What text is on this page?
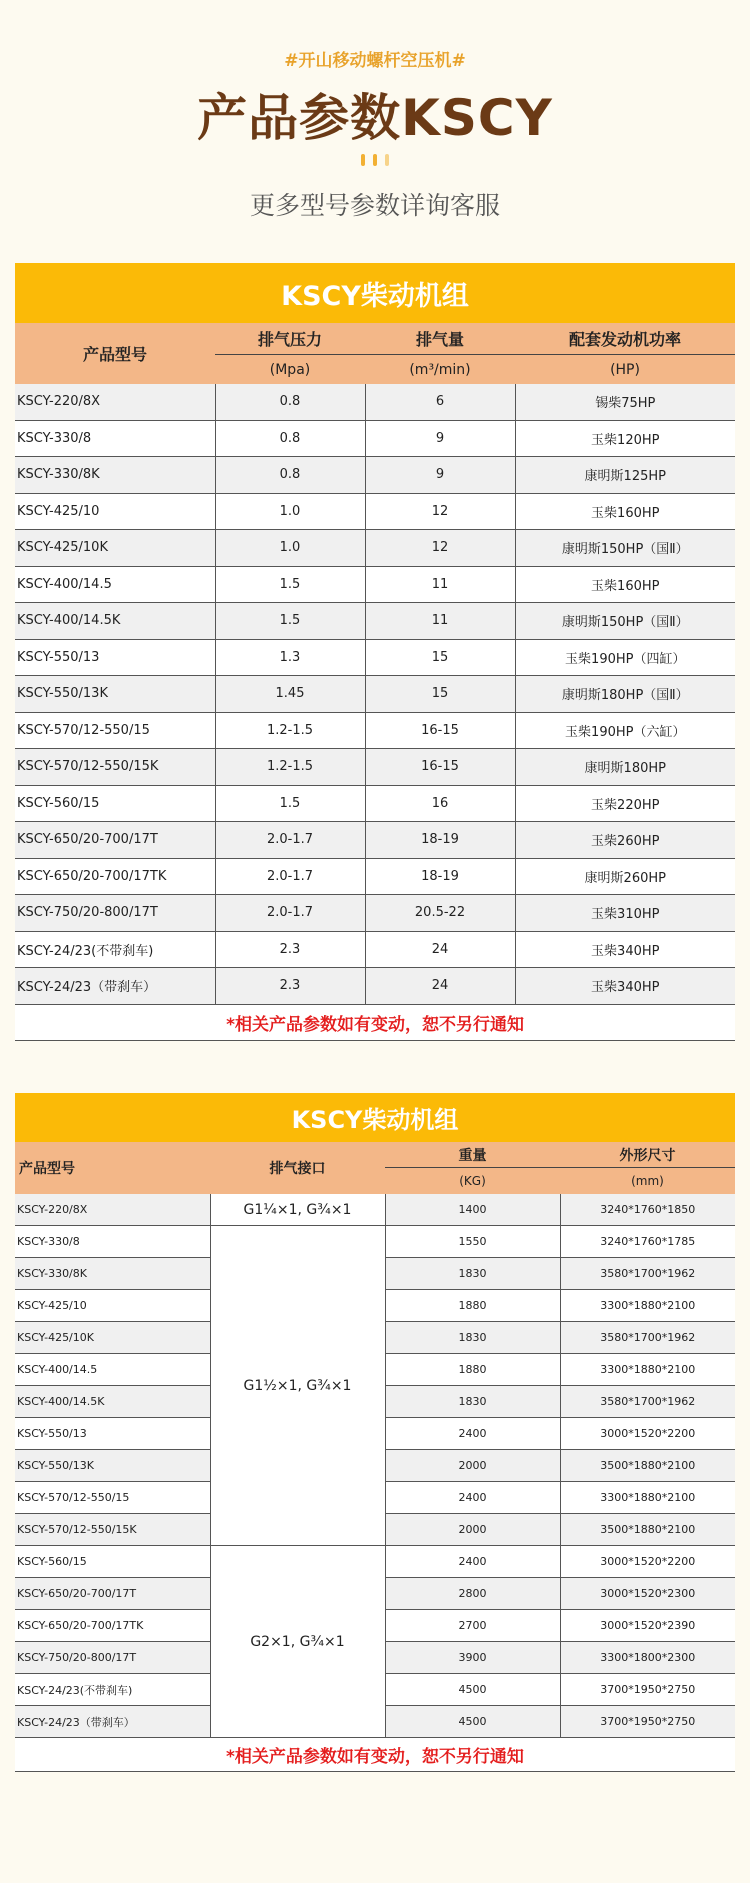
#开山移动螺杆空压机#
产品参数KSCY
更多型号参数详询客服
KSCY柴动机组			
产品型号	排气压力	排气量	配套发动机功率
	(Mpa)	(m³/min)	(HP)
KSCY-220/8X	0.8	6	锡柴75HP
KSCY-330/8	0.8	9	玉柴120HP
KSCY-330/8K	0.8	9	康明斯125HP
KSCY-425/10	1.0	12	玉柴160HP
KSCY-425/10K	1.0	12	康明斯150HP（国Ⅱ）
KSCY-400/14.5	1.5	11	玉柴160HP
KSCY-400/14.5K	1.5	11	康明斯150HP（国Ⅱ）
KSCY-550/13	1.3	15	玉柴190HP（四缸）
KSCY-550/13K	1.45	15	康明斯180HP（国Ⅱ）
KSCY-570/12-550/15	1.2-1.5	16-15	玉柴190HP（六缸）
KSCY-570/12-550/15K	1.2-1.5	16-15	康明斯180HP
KSCY-560/15	1.5	16	玉柴220HP
KSCY-650/20-700/17T	2.0-1.7	18-19	玉柴260HP
KSCY-650/20-700/17TK	2.0-1.7	18-19	康明斯260HP
KSCY-750/20-800/17T	2.0-1.7	20.5-22	玉柴310HP
KSCY-24/23(不带刹车)	2.3	24	玉柴340HP
KSCY-24/23（带刹车）	2.3	24	玉柴340HP
*相关产品参数如有变动，恕不另行通知			
KSCY柴动机组			
产品型号	排气接口	重量	外形尺寸
		(KG)	(mm)
KSCY-220/8X	G1¼×1, G¾×1	1400	3240*1760*1850
KSCY-330/8	G1½×1, G¾×1	1550	3240*1760*1785
KSCY-330/8K		1830	3580*1700*1962
KSCY-425/10		1880	3300*1880*2100
KSCY-425/10K		1830	3580*1700*1962
KSCY-400/14.5		1880	3300*1880*2100
KSCY-400/14.5K		1830	3580*1700*1962
KSCY-550/13		2400	3000*1520*2200
KSCY-550/13K		2000	3500*1880*2100
KSCY-570/12-550/15		2400	3300*1880*2100
KSCY-570/12-550/15K		2000	3500*1880*2100
KSCY-560/15	G2×1, G¾×1	2400	3000*1520*2200
KSCY-650/20-700/17T		2800	3000*1520*2300
KSCY-650/20-700/17TK		2700	3000*1520*2390
KSCY-750/20-800/17T		3900	3300*1800*2300
KSCY-24/23(不带刹车)		4500	3700*1950*2750
KSCY-24/23（带刹车）		4500	3700*1950*2750
*相关产品参数如有变动，恕不另行通知			
